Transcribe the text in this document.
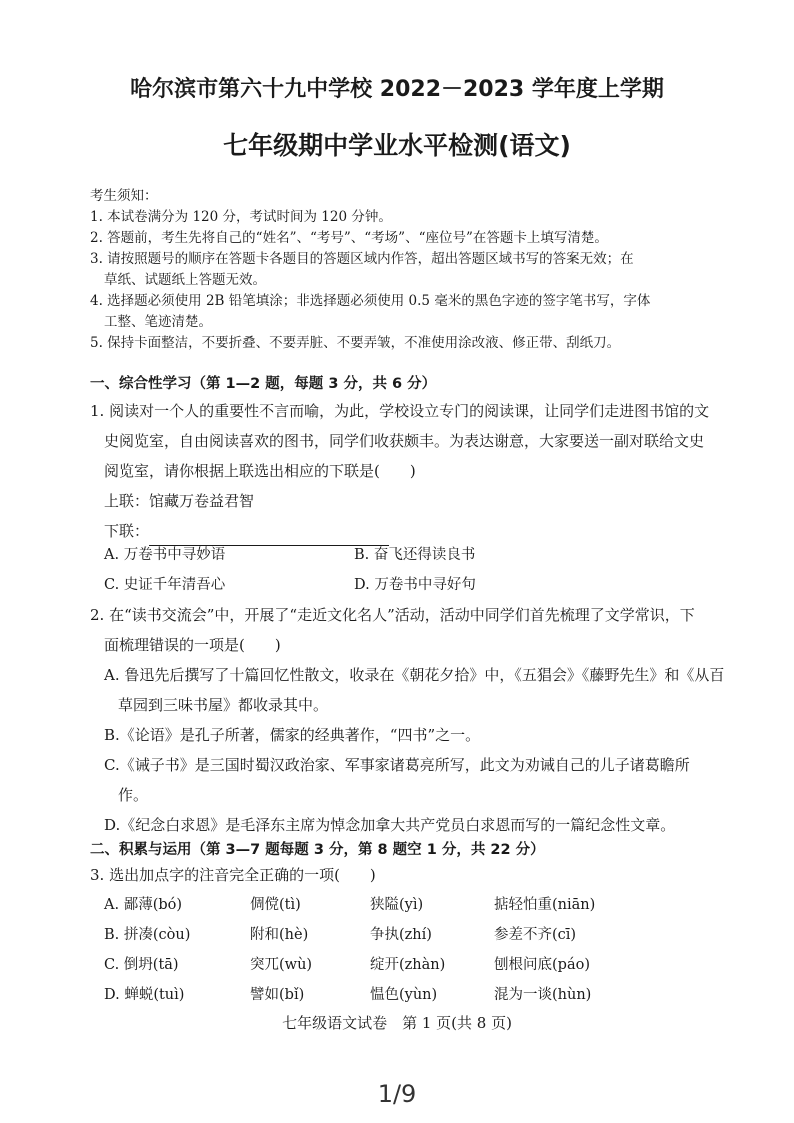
哈尔滨市第六十九中学校 2022－2023 学年度上学期
七年级期中学业水平检测(语文)
考生须知：
1. 本试卷满分为 120 分，考试时间为 120 分钟。
2. 答题前，考生先将自己的“姓名”、“考号”、“考场”、“座位号”在答题卡上填写清楚。
3. 请按照题号的顺序在答题卡各题目的答题区域内作答，超出答题区域书写的答案无效；在
草纸、试题纸上答题无效。
4. 选择题必须使用 2B 铅笔填涂；非选择题必须使用 0.5 毫米的黑色字迹的签字笔书写，字体
工整、笔迹清楚。
5. 保持卡面整洁，不要折叠、不要弄脏、不要弄皱，不准使用涂改液、修正带、刮纸刀。
一、综合性学习（第 1—2 题，每题 3 分，共 6 分）
1. 阅读对一个人的重要性不言而喻，为此，学校设立专门的阅读课，让同学们走进图书馆的文
史阅览室，自由阅读喜欢的图书，同学们收获颇丰。为表达谢意，大家要送一副对联给文史
阅览室，请你根据上联选出相应的下联是(　　)
上联：馆藏万卷益君智
下联：
A. 万卷书中寻妙语	B. 奋飞还得读良书
C. 史证千年清吾心	D. 万卷书中寻好句
2. 在“读书交流会”中，开展了“走近文化名人”活动，活动中同学们首先梳理了文学常识，下
面梳理错误的一项是(　　)
A. 鲁迅先后撰写了十篇回忆性散文，收录在《朝花夕拾》中，《五猖会》《藤野先生》和《从百
草园到三味书屋》都收录其中。
B.《论语》是孔子所著，儒家的经典著作，“四书”之一。
C.《诫子书》是三国时蜀汉政治家、军事家诸葛亮所写，此文为劝诫自己的儿子诸葛瞻所
作。
D.《纪念白求恩》是毛泽东主席为悼念加拿大共产党员白求恩而写的一篇纪念性文章。
二、积累与运用（第 3—7 题每题 3 分，第 8 题空 1 分，共 22 分）
3. 选出加点字的注音完全正确的一项(　　)
A. 鄙薄(bó)	倜傥(tì)	狭隘(yì)	掂轻怕重(niān)
B. 拼凑(còu)	附和(hè)	争执(zhí)	参差不齐(cī)
C. 倒坍(tā)	突兀(wù)	绽开(zhàn)	刨根问底(páo)
D. 蝉蜕(tuì)	譬如(bǐ)	愠色(yùn)	混为一谈(hùn)
七年级语文试卷　第 1 页(共 8 页)
1/9
